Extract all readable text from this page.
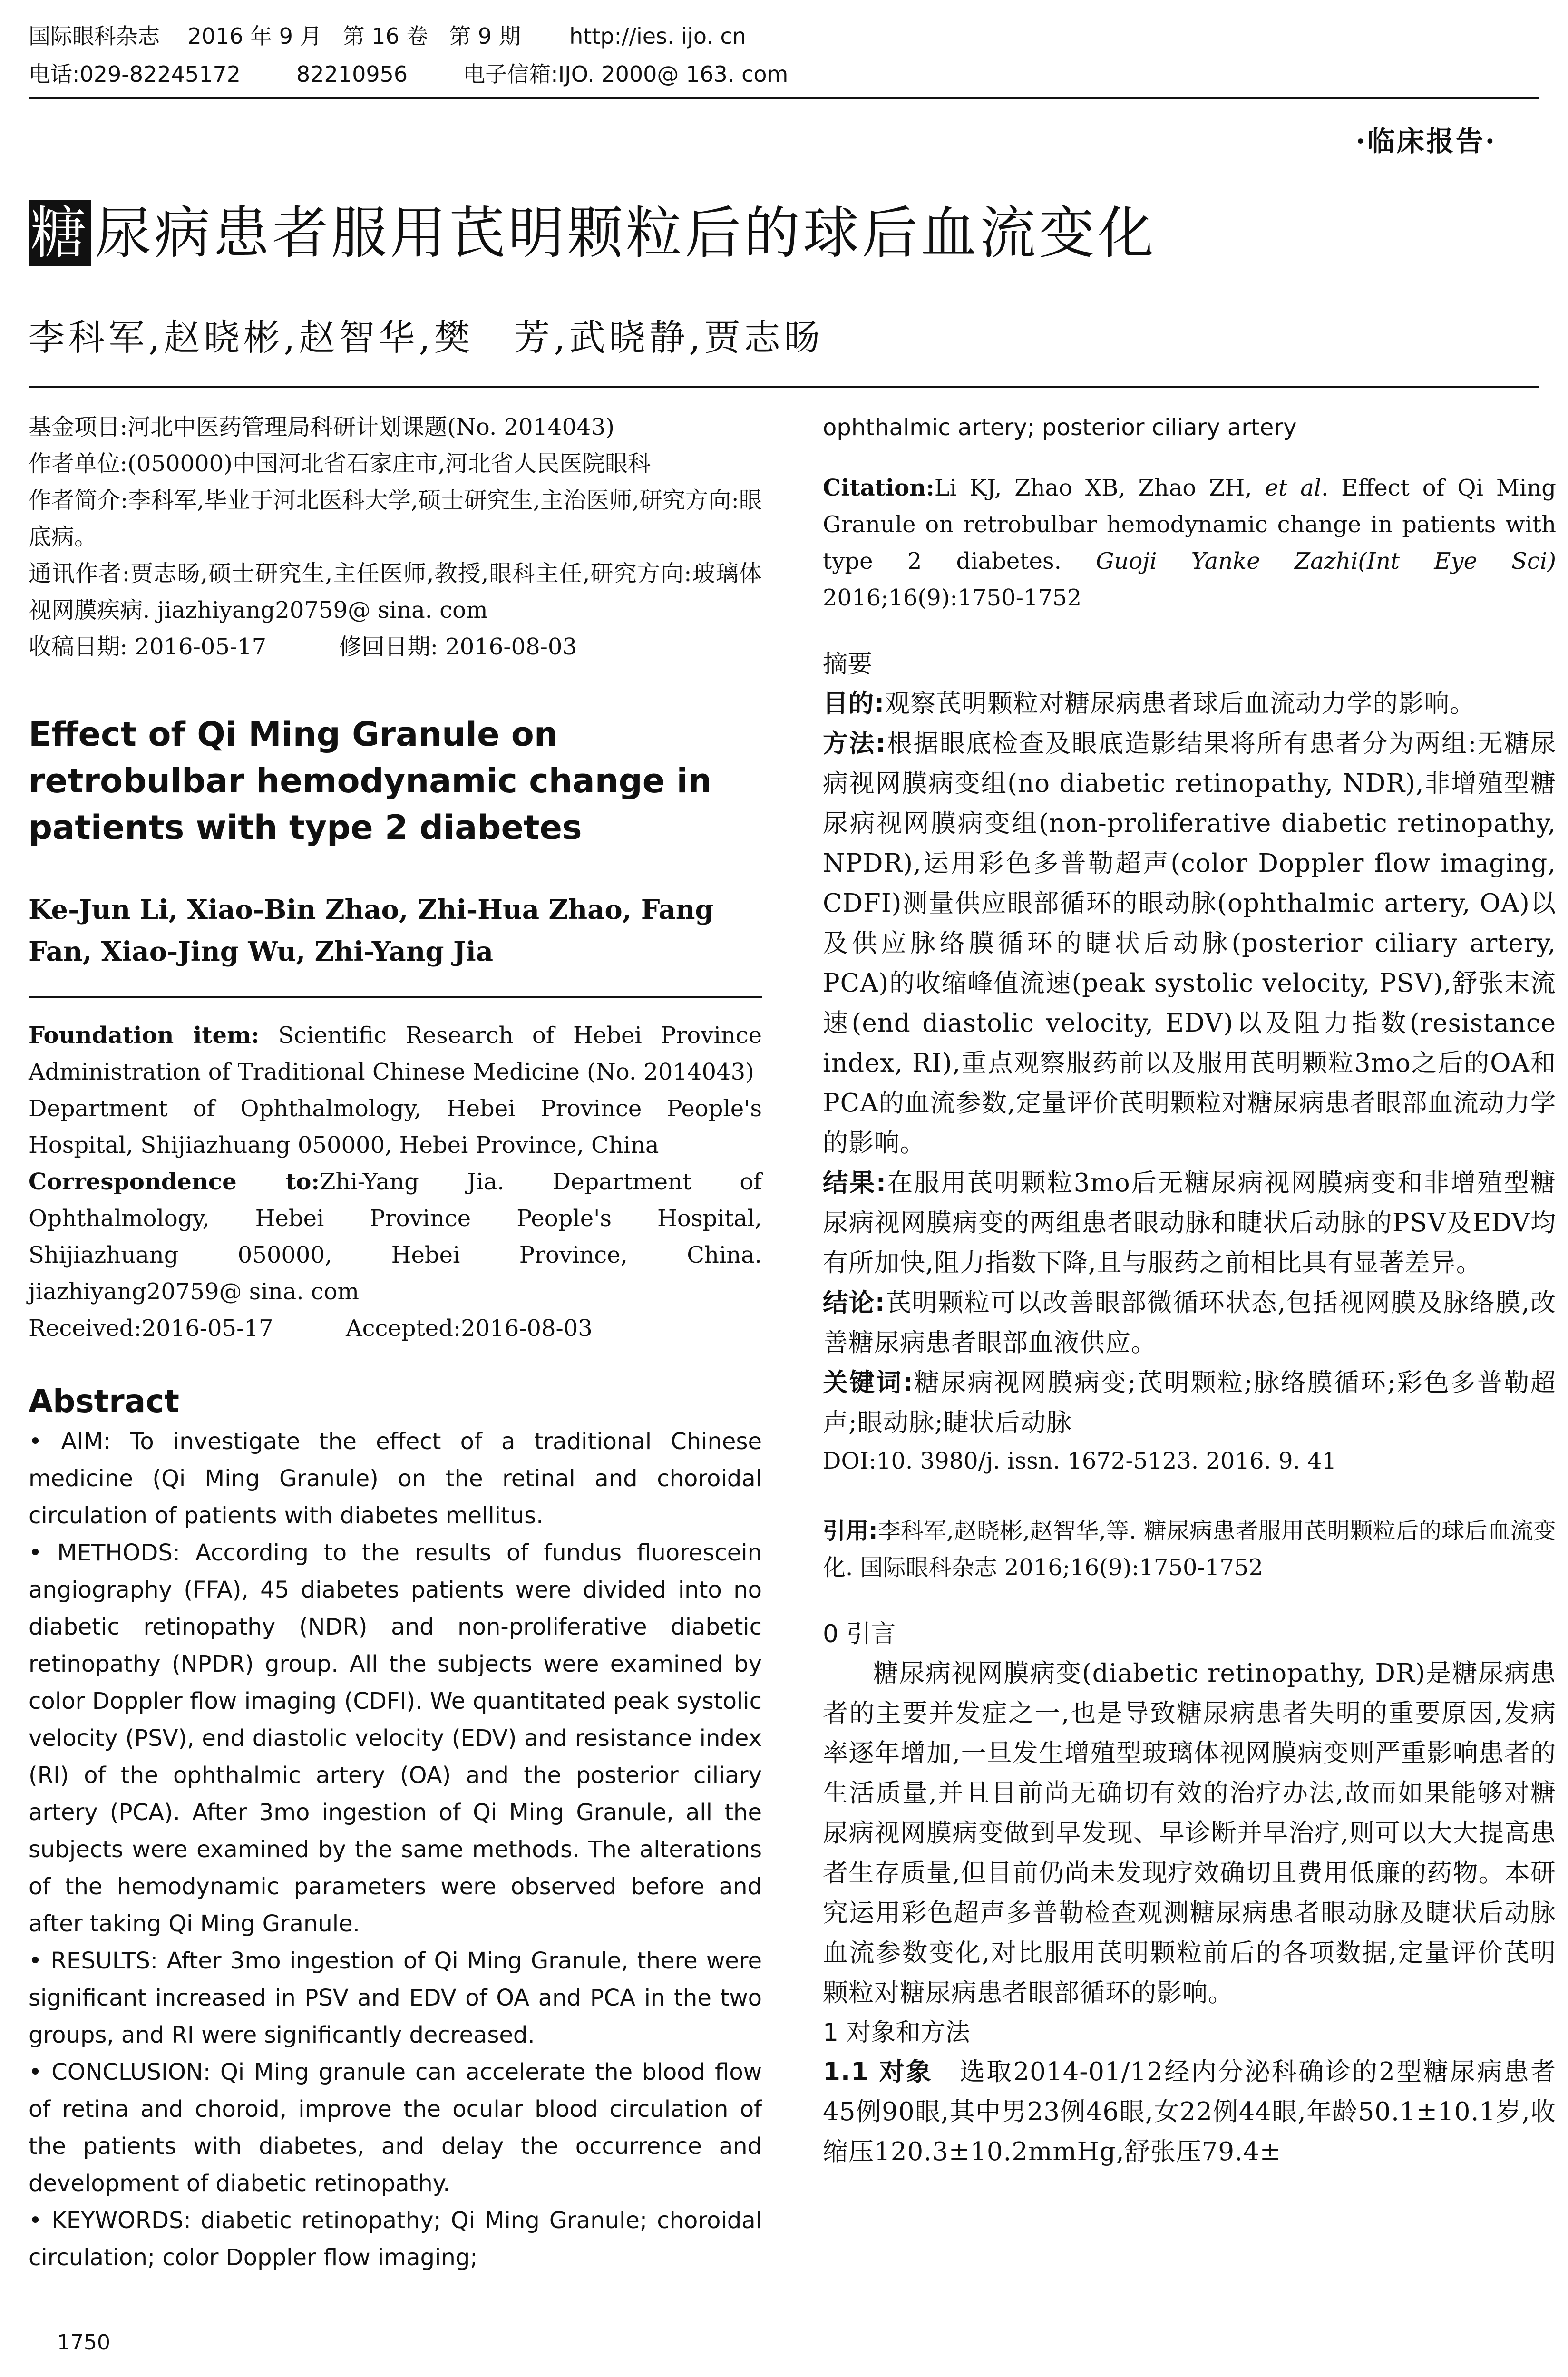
国际眼科杂志    2016 年 9 月   第 16 卷   第 9 期       http://ies. ijo. cn
电话:029-82245172        82210956        电子信箱:IJO. 2000@ 163. com
·临床报告·
糖 尿病患者服用芪明颗粒后的球后血流变化
李科军,赵晓彬,赵智华,樊　芳,武晓静,贾志旸

基金项目:河北中医药管理局科研计划课题(No. 2014043)

作者单位:(050000)中国河北省石家庄市,河北省人民医院眼科

作者简介:李科军,毕业于河北医科大学,硕士研究生,主治医师,研究方向:眼底病。

通讯作者:贾志旸,硕士研究生,主任医师,教授,眼科主任,研究方向:玻璃体视网膜疾病. jiazhiyang20759@ sina. com

收稿日期: 2016-05-17          修回日期: 2016-08-03

Effect of Qi Ming Granule on retrobulbar hemodynamic change in patients with type 2 diabetes

Ke-Jun Li, Xiao-Bin Zhao, Zhi-Hua Zhao, Fang Fan, Xiao-Jing Wu, Zhi-Yang Jia

Foundation item: Scientific Research of Hebei Province Administration of Traditional Chinese Medicine (No. 2014043)

Department of Ophthalmology, Hebei Province People's Hospital, Shijiazhuang 050000, Hebei Province, China

Correspondence to:Zhi-Yang Jia. Department of Ophthalmology, Hebei Province People's Hospital, Shijiazhuang 050000, Hebei Province, China. jiazhiyang20759@ sina. com

Received:2016-05-17          Accepted:2016-08-03

Abstract

• AIM: To investigate the effect of a traditional Chinese medicine (Qi Ming Granule) on the retinal and choroidal circulation of patients with diabetes mellitus.

• METHODS: According to the results of fundus fluorescein angiography (FFA), 45 diabetes patients were divided into no diabetic retinopathy (NDR) and non-proliferative diabetic retinopathy (NPDR) group. All the subjects were examined by color Doppler flow imaging (CDFI). We quantitated peak systolic velocity (PSV), end diastolic velocity (EDV) and resistance index (RI) of the ophthalmic artery (OA) and the posterior ciliary artery (PCA). After 3mo ingestion of Qi Ming Granule, all the subjects were examined by the same methods. The alterations of the hemodynamic parameters were observed before and after taking Qi Ming Granule.

• RESULTS: After 3mo ingestion of Qi Ming Granule, there were significant increased in PSV and EDV of OA and PCA in the two groups, and RI were significantly decreased.

• CONCLUSION: Qi Ming granule can accelerate the blood flow of retina and choroid, improve the ocular blood circulation of the patients with diabetes, and delay the occurrence and development of diabetic retinopathy.

• KEYWORDS: diabetic retinopathy; Qi Ming Granule; choroidal circulation; color Doppler flow imaging;

ophthalmic artery; posterior ciliary artery

Citation:Li KJ, Zhao XB, Zhao ZH, et al. Effect of Qi Ming Granule on retrobulbar hemodynamic change in patients with type 2 diabetes. Guoji Yanke Zazhi(Int Eye Sci) 2016;16(9):1750-1752

摘要

目的:观察芪明颗粒对糖尿病患者球后血流动力学的影响。

方法:根据眼底检查及眼底造影结果将所有患者分为两组:无糖尿病视网膜病变组(no diabetic retinopathy, NDR),非增殖型糖尿病视网膜病变组(non-proliferative diabetic retinopathy, NPDR),运用彩色多普勒超声(color Doppler flow imaging, CDFI)测量供应眼部循环的眼动脉(ophthalmic artery, OA)以及供应脉络膜循环的睫状后动脉(posterior ciliary artery, PCA)的收缩峰值流速(peak systolic velocity, PSV),舒张末流速(end diastolic velocity, EDV)以及阻力指数(resistance index, RI),重点观察服药前以及服用芪明颗粒3mo之后的OA和PCA的血流参数,定量评价芪明颗粒对糖尿病患者眼部血流动力学的影响。

结果:在服用芪明颗粒3mo后无糖尿病视网膜病变和非增殖型糖尿病视网膜病变的两组患者眼动脉和睫状后动脉的PSV及EDV均有所加快,阻力指数下降,且与服药之前相比具有显著差异。

结论:芪明颗粒可以改善眼部微循环状态,包括视网膜及脉络膜,改善糖尿病患者眼部血液供应。

关键词:糖尿病视网膜病变;芪明颗粒;脉络膜循环;彩色多普勒超声;眼动脉;睫状后动脉

DOI:10. 3980/j. issn. 1672-5123. 2016. 9. 41

引用:李科军,赵晓彬,赵智华,等. 糖尿病患者服用芪明颗粒后的球后血流变化. 国际眼科杂志 2016;16(9):1750-1752

0 引言

糖尿病视网膜病变(diabetic retinopathy, DR)是糖尿病患者的主要并发症之一,也是导致糖尿病患者失明的重要原因,发病率逐年增加,一旦发生增殖型玻璃体视网膜病变则严重影响患者的生活质量,并且目前尚无确切有效的治疗办法,故而如果能够对糖尿病视网膜病变做到早发现、早诊断并早治疗,则可以大大提高患者生存质量,但目前仍尚未发现疗效确切且费用低廉的药物。本研究运用彩色超声多普勒检查观测糖尿病患者眼动脉及睫状后动脉血流参数变化,对比服用芪明颗粒前后的各项数据,定量评价芪明颗粒对糖尿病患者眼部循环的影响。

1 对象和方法

1.1 对象　选取2014-01/12经内分泌科确诊的2型糖尿病患者45例90眼,其中男23例46眼,女22例44眼,年龄50.1±10.1岁,收缩压120.3±10.2mmHg,舒张压79.4±

1750
